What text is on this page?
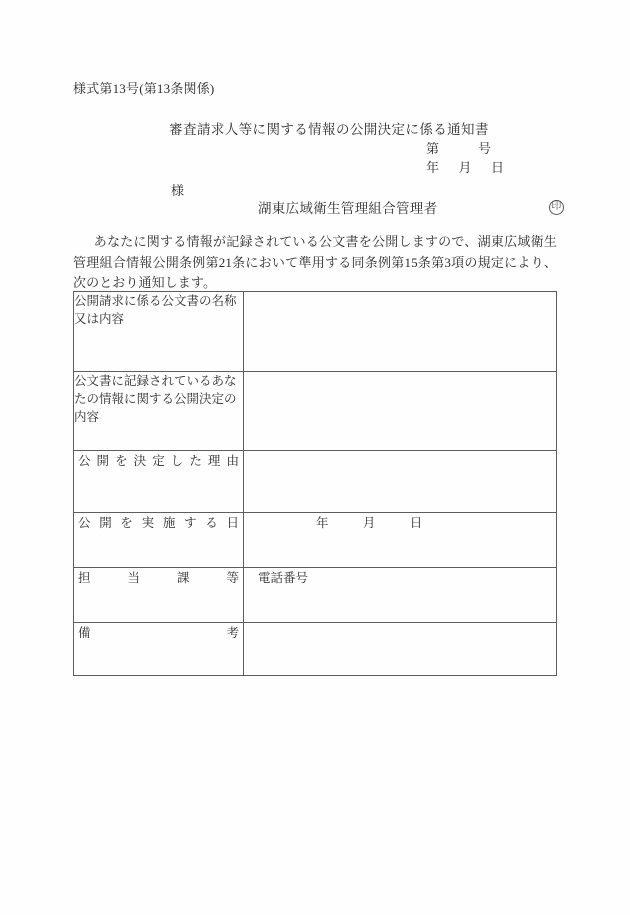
様式第13号(第13条関係)
審査請求人等に関する情報の公開決定に係る通知書
第            号
年      月      日
様
湖東広域衛生管理組合管理者	印
あなたに関する情報が記録されている公文書を公開しますので、湖東広域衛生管理組合情報公開条例第21条において準用する同条例第15条第3項の規定により、次のとおり通知します。
公開請求に係る公文書の名称又は内容	

公文書に記録されているあなたの情報に関する公開決定の内容	

公開を決定した理由	

公開を実施する日	年           月           日

担当課等	電話番号

備考	
